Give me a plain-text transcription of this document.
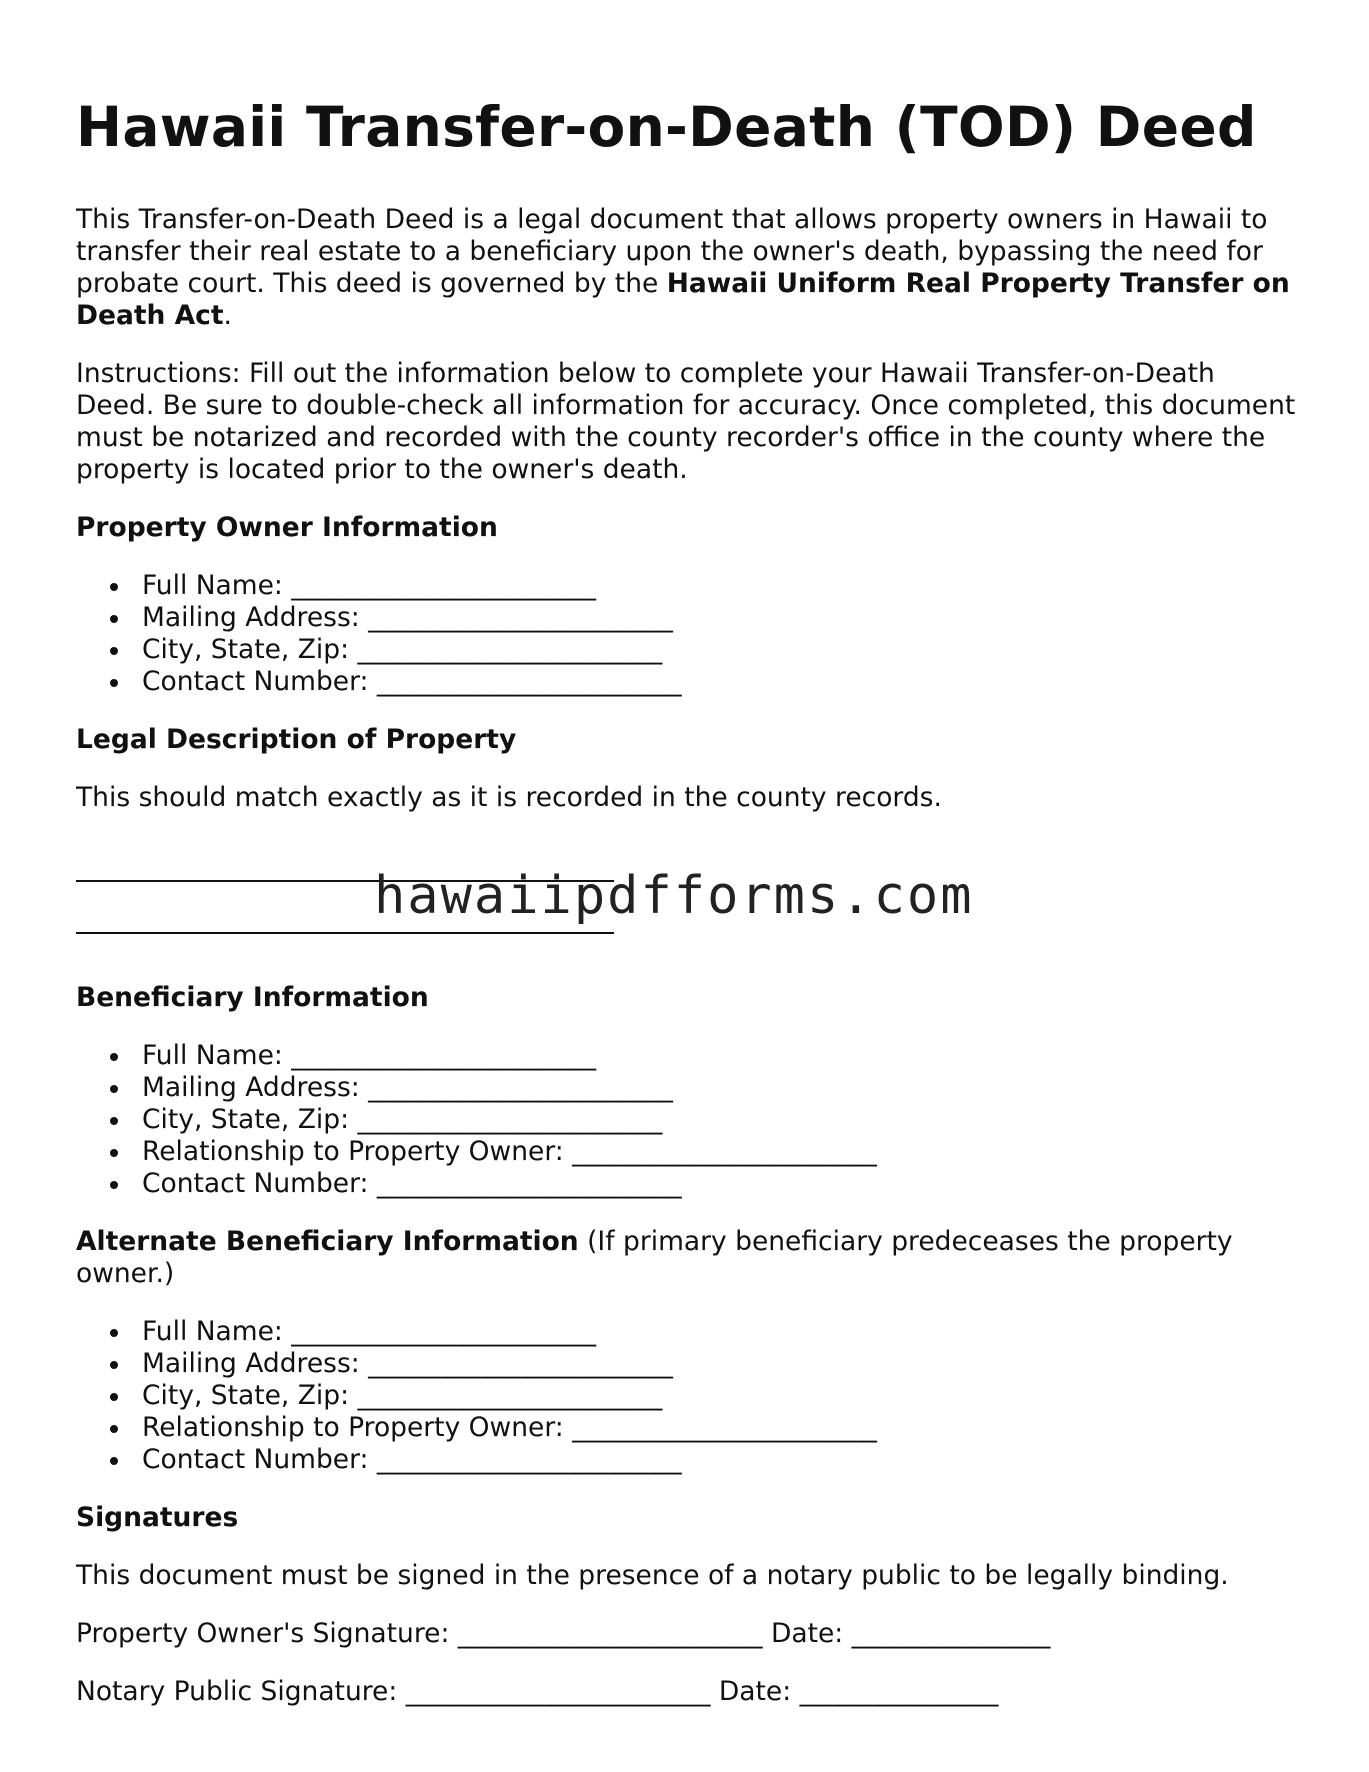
Hawaii Transfer-on-Death (TOD) Deed

This Transfer-on-Death Deed is a legal document that allows property owners in Hawaii to transfer their real estate to a beneficiary upon the owner's death, bypassing the need for probate court. This deed is governed by the Hawaii Uniform Real Property Transfer on Death Act.

Instructions: Fill out the information below to complete your Hawaii Transfer-on-Death Deed. Be sure to double-check all information for accuracy. Once completed, this document must be notarized and recorded with the county recorder's office in the county where the property is located prior to the owner's death.

Property Owner Information
Full Name: _______________________
Mailing Address: _______________________
City, State, Zip: _______________________
Contact Number: _______________________
Legal Description of Property

This should match exactly as it is recorded in the county records.

hawaiipdfforms.com
Beneficiary Information
Full Name: _______________________
Mailing Address: _______________________
City, State, Zip: _______________________
Relationship to Property Owner: _______________________
Contact Number: _______________________
Alternate Beneficiary Information (If primary beneficiary predeceases the property owner.)
Full Name: _______________________
Mailing Address: _______________________
City, State, Zip: _______________________
Relationship to Property Owner: _______________________
Contact Number: _______________________
Signatures

This document must be signed in the presence of a notary public to be legally binding.

Property Owner's Signature: _______________________ Date: _______________
Notary Public Signature: _______________________ Date: _______________
